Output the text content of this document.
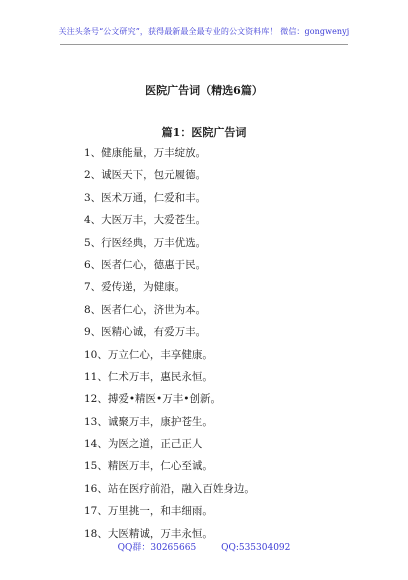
关注头条号“公文研究”，获得最新最全最专业的公文资料库！ 微信：gongwenyj
医院广告词（精选6篇）
篇1：医院广告词
1、健康能量，万丰绽放。
2、诚医天下，包元履德。
3、医术万通，仁爱和丰。
4、大医万丰，大爱苍生。
5、行医经典，万丰优选。
6、医者仁心，德惠于民。
7、爱传递，为健康。
8、医者仁心，济世为本。
9、医精心诚，有爱万丰。
10、万立仁心，丰享健康。
11、仁术万丰，惠民永恒。
12、搏爱•精医•万丰•创新。
13、诚聚万丰，康护苍生。
14、为医之道，正己正人
15、精医万丰，仁心至诚。
16、站在医疗前沿，融入百姓身边。
17、万里挑一，和丰细雨。
18、大医精诚，万丰永恒。
QQ群：30265665	QQ:535304092
